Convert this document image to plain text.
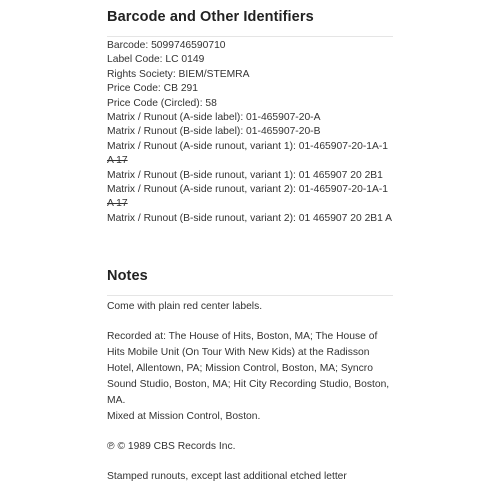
Barcode and Other Identifiers
Barcode: 5099746590710
Label Code: LC 0149
Rights Society: BIEM/STEMRA
Price Code: CB 291
Price Code (Circled): 58
Matrix / Runout (A-side label): 01-465907-20-A
Matrix / Runout (B-side label): 01-465907-20-B
Matrix / Runout (A-side runout, variant 1): 01-465907-20-1A-1 A 17
Matrix / Runout (B-side runout, variant 1): 01 465907 20 2B1
Matrix / Runout (A-side runout, variant 2): 01-465907-20-1A-1 A 17
Matrix / Runout (B-side runout, variant 2): 01 465907 20 2B1 A
Notes

Come with plain red center labels.

Recorded at: The House of Hits, Boston, MA; The House of Hits Mobile Unit (On Tour With New Kids) at the Radisson Hotel, Allentown, PA; Mission Control, Boston, MA; Syncro Sound Studio, Boston, MA; Hit City Recording Studio, Boston, MA.

Mixed at Mission Control, Boston.

℗ © 1989 CBS Records Inc.

Stamped runouts, except last additional etched letter
